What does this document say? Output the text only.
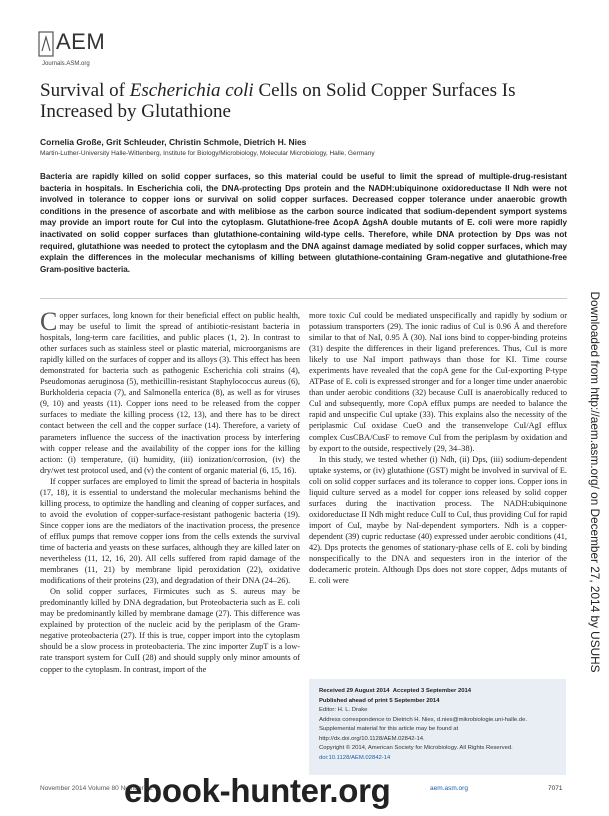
AEM
Journals.ASM.org
Survival of Escherichia coli Cells on Solid Copper Surfaces Is Increased by Glutathione
Cornelia Große, Grit Schleuder, Christin Schmole, Dietrich H. Nies
Martin-Luther-University Halle-Wittenberg, Institute for Biology/Microbiology, Molecular Microbiology, Halle, Germany
Bacteria are rapidly killed on solid copper surfaces, so this material could be useful to limit the spread of multiple-drug-resistant bacteria in hospitals. In Escherichia coli, the DNA-protecting Dps protein and the NADH:ubiquinone oxidoreductase II Ndh were not involved in tolerance to copper ions or survival on solid copper surfaces. Decreased copper tolerance under anaerobic growth conditions in the presence of ascorbate and with melibiose as the carbon source indicated that sodium-dependent symport systems may provide an import route for CuI into the cytoplasm. Glutathione-free ΔcopA ΔgshA double mutants of E. coli were more rapidly inactivated on solid copper surfaces than glutathione-containing wild-type cells. Therefore, while DNA protection by Dps was not required, glutathione was needed to protect the cytoplasm and the DNA against damage mediated by solid copper surfaces, which may explain the differences in the molecular mechanisms of killing between glutathione-containing Gram-negative and glutathione-free Gram-positive bacteria.

Copper surfaces, long known for their beneficial effect on public health, may be useful to limit the spread of antibiotic-resistant bacteria in hospitals, long-term care facilities, and public places (1, 2). In contrast to other surfaces such as stainless steel or plastic material, microorganisms are rapidly killed on the surfaces of copper and its alloys (3). This effect has been demonstrated for bacteria such as pathogenic Escherichia coli strains (4), Pseudomonas aeruginosa (5), methicillin-resistant Staphylococcus aureus (6), Burkholderia cepacia (7), and Salmonella enterica (8), as well as for viruses (9, 10) and yeasts (11). Copper ions need to be released from the copper surfaces to mediate the killing process (12, 13), and there has to be direct contact between the cell and the copper surface (14). Therefore, a variety of parameters influence the success of the inactivation process by interfering with copper release and the availability of the copper ions for the killing action: (i) temperature, (ii) humidity, (iii) ionization/corrosion, (iv) the dry/wet test protocol used, and (v) the content of organic material (6, 15, 16).

If copper surfaces are employed to limit the spread of bacteria in hospitals (17, 18), it is essential to understand the molecular mechanisms behind the killing process, to optimize the handling and cleaning of copper surfaces, and to avoid the evolution of copper-surface-resistant pathogenic bacteria (19). Since copper ions are the mediators of the inactivation process, the presence of efflux pumps that remove copper ions from the cells extends the survival time of bacteria and yeasts on these surfaces, although they are killed later on nevertheless (11, 12, 16, 20). All cells suffered from rapid damage of the membranes (11, 21) by membrane lipid peroxidation (22), oxidative modifications of their proteins (23), and degradation of their DNA (24–26).

On solid copper surfaces, Firmicutes such as S. aureus may be predominantly killed by DNA degradation, but Proteobacteria such as E. coli may be predominantly killed by membrane damage (27). This difference was explained by protection of the nucleic acid by the periplasm of the Gram-negative proteobacteria (27). If this is true, copper import into the cytoplasm should be a slow process in proteobacteria. The zinc importer ZupT is a low-rate transport system for CuII (28) and should supply only minor amounts of copper to the cytoplasm. In contrast, import of the

more toxic CuI could be mediated unspecifically and rapidly by sodium or potassium transporters (29). The ionic radius of CuI is 0.96 Å and therefore similar to that of NaI, 0.95 Å (30). NaI ions bind to copper-binding proteins (31) despite the differences in their ligand preferences. Thus, CuI is more likely to use NaI import pathways than those for KI. Time course experiments have revealed that the copA gene for the CuI-exporting P-type ATPase of E. coli is expressed stronger and for a longer time under anaerobic than under aerobic conditions (32) because CuII is anaerobically reduced to CuI and subsequently, more CopA efflux pumps are needed to balance the rapid and unspecific CuI uptake (33). This explains also the necessity of the periplasmic CuI oxidase CueO and the transenvelope CuI/AgI efflux complex CusCBA/CusF to remove CuI from the periplasm by oxidation and by export to the outside, respectively (29, 34–38).

In this study, we tested whether (i) Ndh, (ii) Dps, (iii) sodium-dependent uptake systems, or (iv) glutathione (GST) might be involved in survival of E. coli on solid copper surfaces and its tolerance to copper ions. Copper ions in liquid culture served as a model for copper ions released by solid copper surfaces during the inactivation process. The NADH:ubiquinone oxidoreductase II Ndh might reduce CuII to CuI, thus providing CuI for rapid import of CuI, maybe by NaI-dependent symporters. Ndh is a copper-dependent (39) cupric reductase (40) expressed under aerobic conditions (41, 42). Dps protects the genomes of stationary-phase cells of E. coli by binding nonspecifically to the DNA and sequesters iron in the interior of the dodecameric protein. Although Dps does not store copper, Δdps mutants of E. coli were

Received 29 August 2014 Accepted 3 September 2014
Published ahead of print 5 September 2014
Editor: H. L. Drake
Address correspondence to Dietrich H. Nies, d.nies@mikrobiologie.uni-halle.de.
Supplemental material for this article may be found at http://dx.doi.org/10.1128/AEM.02842-14.
Copyright © 2014, American Society for Microbiology. All Rights Reserved.
doi:10.1128/AEM.02842-14
Downloaded from http://aem.asm.org/ on December 27, 2014 by USUHS
November 2014 Volume 80 Number 22	aem.asm.org	7071
ebook-hunter.org
